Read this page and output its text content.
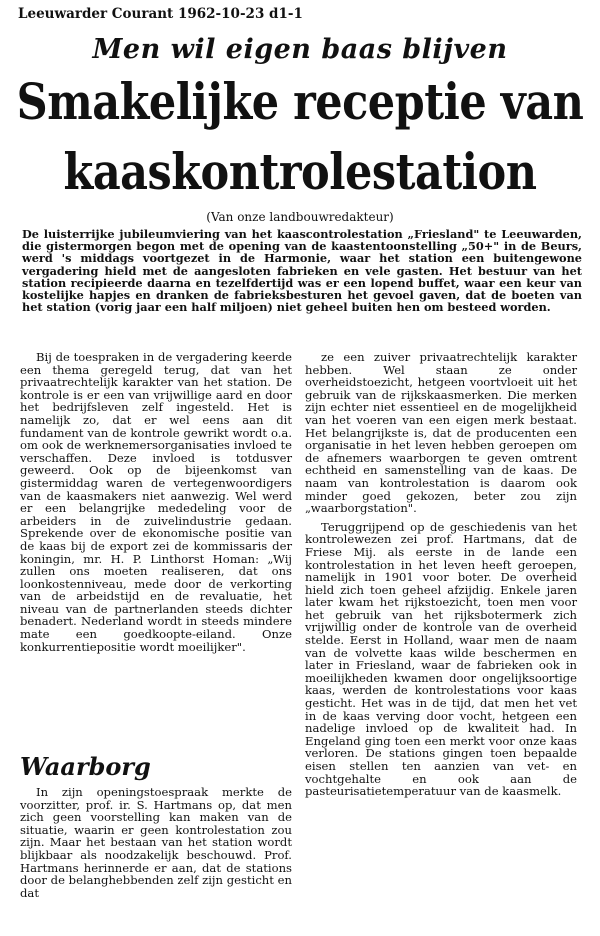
Leeuwarder Courant 1962-10-23 d1-1
Men wil eigen baas blijven
Smakelijke receptie van
kaaskontrolestation
(Van onze landbouwredakteur)
De luisterrijke jubileumviering van het kaascontrolestation „Friesland" te Leeuwarden, die gistermorgen begon met de opening van de kaastentoonstelling „50+" in de Beurs, werd 's middags voortgezet in de Harmonie, waar het station een buitengewone vergadering hield met de aangesloten fabrieken en vele gasten. Het bestuur van het station recipieerde daarna en tezelfdertijd was er een lopend buffet, waar een keur van kostelijke hapjes en dranken de fabrieksbesturen het gevoel gaven, dat de boeten van het station (vorig jaar een half miljoen) niet geheel buiten hen om besteed worden.

Bij de toespraken in de vergadering keerde een thema geregeld terug, dat van het privaatrechtelijk karakter van het station. De kontrole is er een van vrijwillige aard en door het bedrijfsleven zelf ingesteld. Het is namelijk zo, dat er wel eens aan dit fundament van de kontrole gewrikt wordt o.a. om ook de werknemersorganisaties invloed te verschaffen. Deze invloed is totdusver geweerd. Ook op de bijeenkomst van gistermiddag waren de vertegenwoordigers van de kaasmakers niet aanwezig. Wel werd er een belangrijke mededeling voor de arbeiders in de zuivelindustrie gedaan. Sprekende over de ekonomische positie van de kaas bij de export zei de kommissaris der koningin, mr. H. P. Linthorst Homan: „Wij zullen ons moeten realiseren, dat ons loonkostenniveau, mede door de verkorting van de arbeidstijd en de revaluatie, het niveau van de partnerlanden steeds dichter benadert. Nederland wordt in steeds mindere mate een goedkoopte-eiland. Onze konkurrentiepositie wordt moeilijker".

Waarborg

In zijn openingstoespraak merkte de voorzitter, prof. ir. S. Hartmans op, dat men zich geen voorstelling kan maken van de situatie, waarin er geen kontrolestation zou zijn. Maar het bestaan van het station wordt blijkbaar als noodzakelijk beschouwd. Prof. Hartmans herinnerde er aan, dat de stations door de belanghebbenden zelf zijn gesticht en dat

ze een zuiver privaatrechtelijk karakter hebben. Wel staan ze onder overheidstoezicht, hetgeen voortvloeit uit het gebruik van de rijkskaasmerken. Die merken zijn echter niet essentieel en de mogelijkheid van het voeren van een eigen merk bestaat. Het belangrijkste is, dat de producenten een organisatie in het leven hebben geroepen om de afnemers waarborgen te geven omtrent echtheid en samenstelling van de kaas. De naam van kontrolestation is daarom ook minder goed gekozen, beter zou zijn „waarborgstation".

Teruggrijpend op de geschiedenis van het kontrolewezen zei prof. Hartmans, dat de Friese Mij. als eerste in de lande een kontrolestation in het leven heeft geroepen, namelijk in 1901 voor boter. De overheid hield zich toen geheel afzijdig. Enkele jaren later kwam het rijkstoezicht, toen men voor het gebruik van het rijksbotermerk zich vrijwillig onder de kontrole van de overheid stelde. Eerst in Holland, waar men de naam van de volvette kaas wilde beschermen en later in Friesland, waar de fabrieken ook in moeilijkheden kwamen door ongelijksoortige kaas, werden de kontrolestations voor kaas gesticht. Het was in de tijd, dat men het vet in de kaas verving door vocht, hetgeen een nadelige invloed op de kwaliteit had. In Engeland ging toen een merkt voor onze kaas verloren. De stations gingen toen bepaalde eisen stellen ten aanzien van vet- en vochtgehalte en ook aan de pasteurisatietemperatuur van de kaasmelk.
